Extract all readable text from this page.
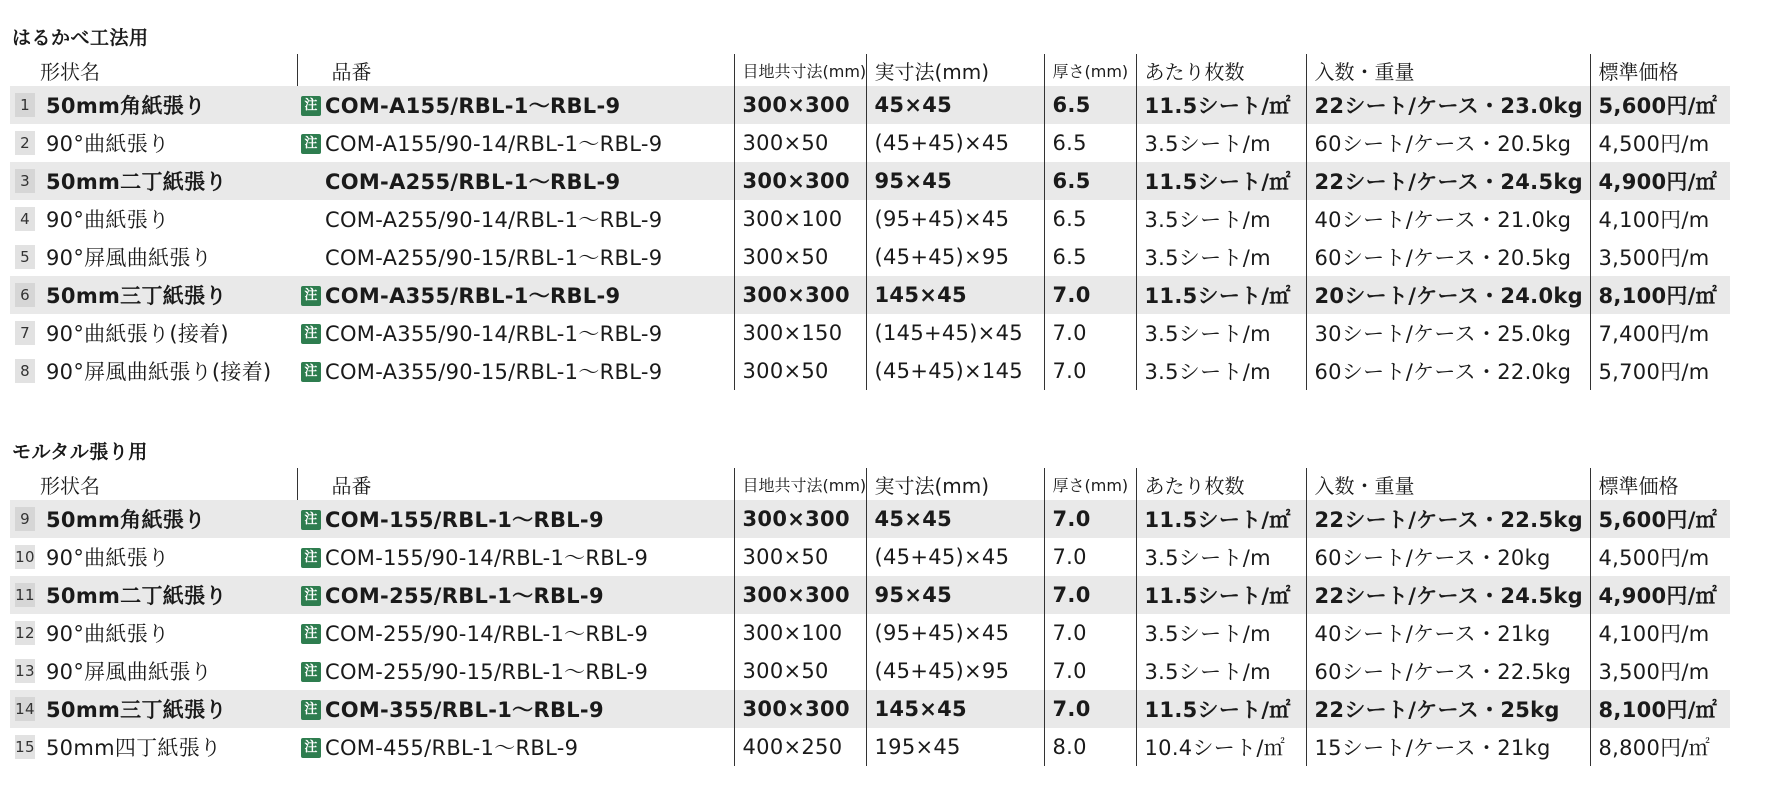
はるかべ工法用
	形状名	品番		目地共寸法(mm)	実寸法(mm)	厚さ(mm)	あたり枚数	入数・重量	標準価格
1	50mm角紙張り	注	COM-A155/RBL-1～RBL-9	300×300	45×45	6.5	11.5シート/㎡	22シート/ケース・23.0kg	5,600円/㎡
2	90°曲紙張り	注	COM-A155/90-14/RBL-1～RBL-9	300×50	(45+45)×45	6.5	3.5シート/m	60シート/ケース・20.5kg	4,500円/m
3	50mm二丁紙張り		COM-A255/RBL-1～RBL-9	300×300	95×45	6.5	11.5シート/㎡	22シート/ケース・24.5kg	4,900円/㎡
4	90°曲紙張り		COM-A255/90-14/RBL-1～RBL-9	300×100	(95+45)×45	6.5	3.5シート/m	40シート/ケース・21.0kg	4,100円/m
5	90°屏風曲紙張り		COM-A255/90-15/RBL-1～RBL-9	300×50	(45+45)×95	6.5	3.5シート/m	60シート/ケース・20.5kg	3,500円/m
6	50mm三丁紙張り	注	COM-A355/RBL-1～RBL-9	300×300	145×45	7.0	11.5シート/㎡	20シート/ケース・24.0kg	8,100円/㎡
7	90°曲紙張り(接着)	注	COM-A355/90-14/RBL-1～RBL-9	300×150	(145+45)×45	7.0	3.5シート/m	30シート/ケース・25.0kg	7,400円/m
8	90°屏風曲紙張り(接着)	注	COM-A355/90-15/RBL-1～RBL-9	300×50	(45+45)×145	7.0	3.5シート/m	60シート/ケース・22.0kg	5,700円/m
モルタル張り用
	形状名	品番		目地共寸法(mm)	実寸法(mm)	厚さ(mm)	あたり枚数	入数・重量	標準価格
9	50mm角紙張り	注	COM-155/RBL-1～RBL-9	300×300	45×45	7.0	11.5シート/㎡	22シート/ケース・22.5kg	5,600円/㎡
10	90°曲紙張り	注	COM-155/90-14/RBL-1～RBL-9	300×50	(45+45)×45	7.0	3.5シート/m	60シート/ケース・20kg	4,500円/m
11	50mm二丁紙張り	注	COM-255/RBL-1～RBL-9	300×300	95×45	7.0	11.5シート/㎡	22シート/ケース・24.5kg	4,900円/㎡
12	90°曲紙張り	注	COM-255/90-14/RBL-1～RBL-9	300×100	(95+45)×45	7.0	3.5シート/m	40シート/ケース・21kg	4,100円/m
13	90°屏風曲紙張り	注	COM-255/90-15/RBL-1～RBL-9	300×50	(45+45)×95	7.0	3.5シート/m	60シート/ケース・22.5kg	3,500円/m
14	50mm三丁紙張り	注	COM-355/RBL-1～RBL-9	300×300	145×45	7.0	11.5シート/㎡	22シート/ケース・25kg	8,100円/㎡
15	50mm四丁紙張り	注	COM-455/RBL-1～RBL-9	400×250	195×45	8.0	10.4シート/㎡	15シート/ケース・21kg	8,800円/㎡
